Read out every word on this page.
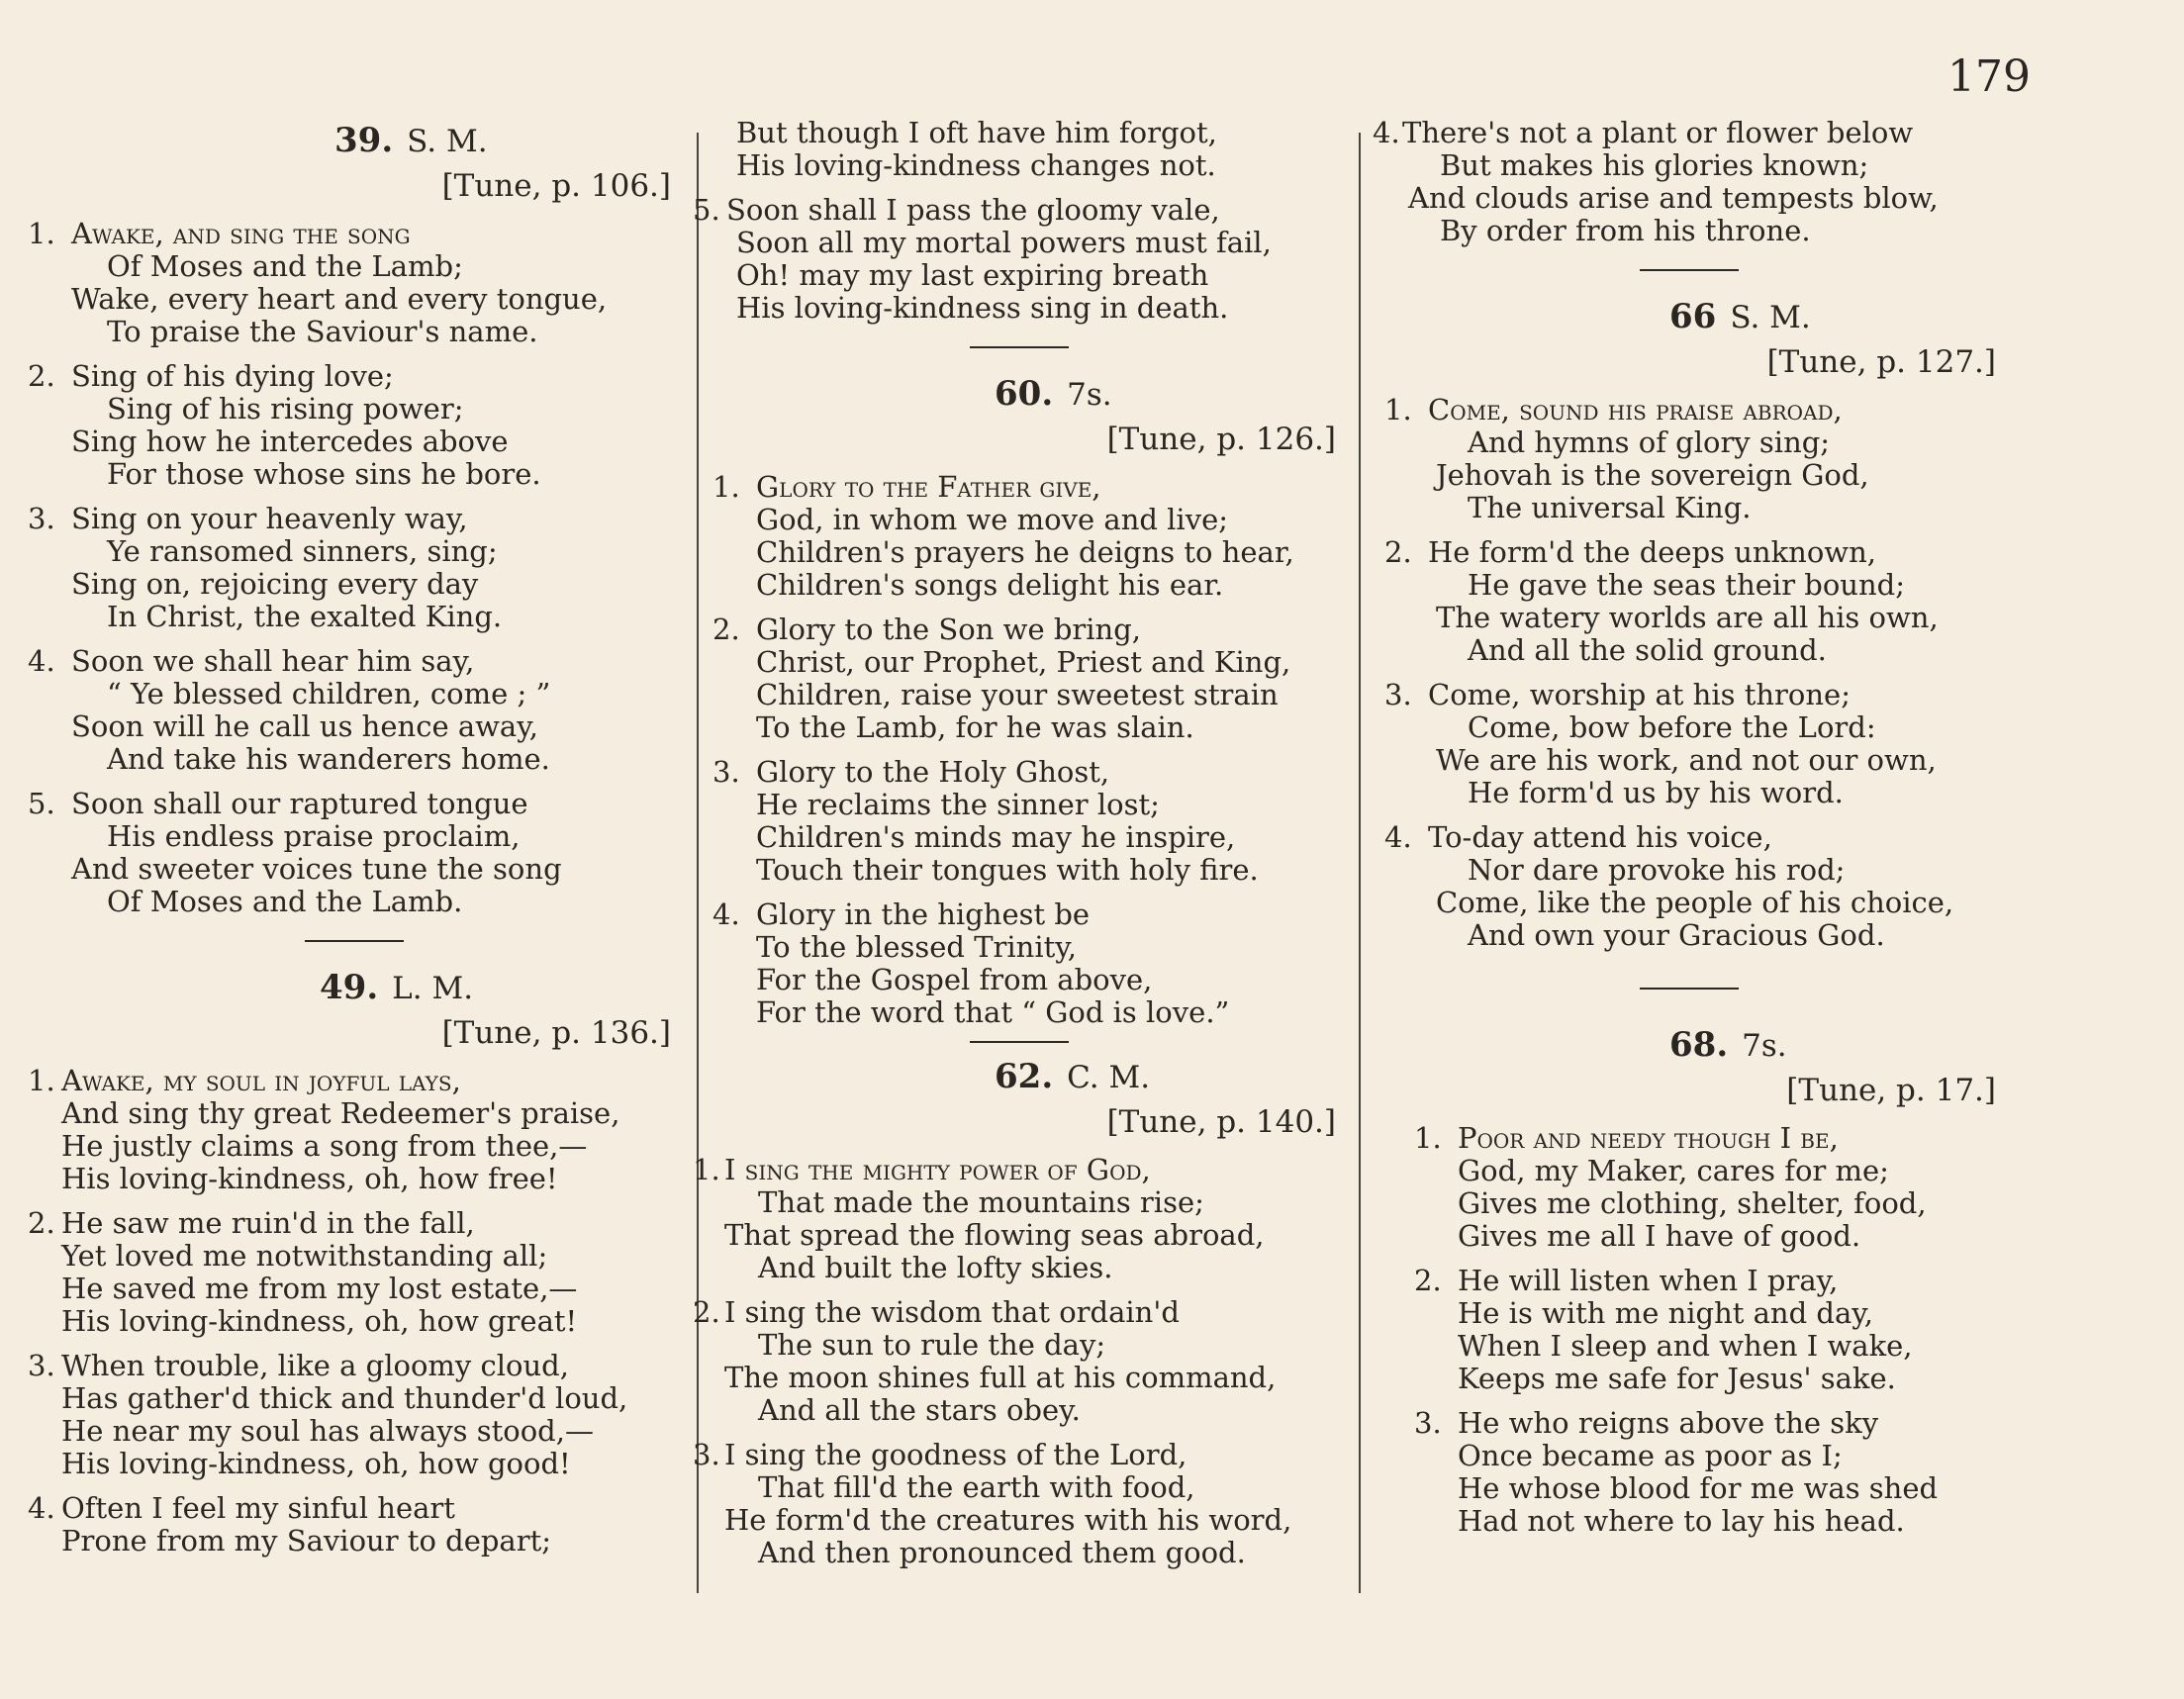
179
39. S. M.
[Tune, p. 106.]
1. Awake, and sing the song
Of Moses and the Lamb;
Wake, every heart and every tongue,
To praise the Saviour's name.
2. Sing of his dying love;
Sing of his rising power;
Sing how he intercedes above
For those whose sins he bore.
3. Sing on your heavenly way,
Ye ransomed sinners, sing;
Sing on, rejoicing every day
In Christ, the exalted King.
4. Soon we shall hear him say,
“ Ye blessed children, come ; ”
Soon will he call us hence away,
And take his wanderers home.
5. Soon shall our raptured tongue
His endless praise proclaim,
And sweeter voices tune the song
Of Moses and the Lamb.
49. L. M.
[Tune, p. 136.]
1. Awake, my soul in joyful lays,
And sing thy great Redeemer's praise,
He justly claims a song from thee,—
His loving-kindness, oh, how free!
2. He saw me ruin'd in the fall,
Yet loved me notwithstanding all;
He saved me from my lost estate,—
His loving-kindness, oh, how great!
3. When trouble, like a gloomy cloud,
Has gather'd thick and thunder'd loud,
He near my soul has always stood,—
His loving-kindness, oh, how good!
4. Often I feel my sinful heart
Prone from my Saviour to depart;
But though I oft have him forgot,
His loving-kindness changes not.
5. Soon shall I pass the gloomy vale,
Soon all my mortal powers must fail,
Oh! may my last expiring breath
His loving-kindness sing in death.
60. 7s.
[Tune, p. 126.]
1. Glory to the Father give,
God, in whom we move and live;
Children's prayers he deigns to hear,
Children's songs delight his ear.
2. Glory to the Son we bring,
Christ, our Prophet, Priest and King,
Children, raise your sweetest strain
To the Lamb, for he was slain.
3. Glory to the Holy Ghost,
He reclaims the sinner lost;
Children's minds may he inspire,
Touch their tongues with holy fire.
4. Glory in the highest be
To the blessed Trinity,
For the Gospel from above,
For the word that “ God is love.”
62. C. M.
[Tune, p. 140.]
1. I sing the mighty power of God,
That made the mountains rise;
That spread the flowing seas abroad,
And built the lofty skies.
2. I sing the wisdom that ordain'd
The sun to rule the day;
The moon shines full at his command,
And all the stars obey.
3. I sing the goodness of the Lord,
That fill'd the earth with food,
He form'd the creatures with his word,
And then pronounced them good.
4.There's not a plant or flower below
But makes his glories known;
And clouds arise and tempests blow,
By order from his throne.
66 S. M.
[Tune, p. 127.]
1. Come, sound his praise abroad,
And hymns of glory sing;
Jehovah is the sovereign God,
The universal King.
2. He form'd the deeps unknown,
He gave the seas their bound;
The watery worlds are all his own,
And all the solid ground.
3. Come, worship at his throne;
Come, bow before the Lord:
We are his work, and not our own,
He form'd us by his word.
4. To-day attend his voice,
Nor dare provoke his rod;
Come, like the people of his choice,
And own your Gracious God.
68. 7s.
[Tune, p. 17.]
1. Poor and needy though I be,
God, my Maker, cares for me;
Gives me clothing, shelter, food,
Gives me all I have of good.
2. He will listen when I pray,
He is with me night and day,
When I sleep and when I wake,
Keeps me safe for Jesus' sake.
3. He who reigns above the sky
Once became as poor as I;
He whose blood for me was shed
Had not where to lay his head.
